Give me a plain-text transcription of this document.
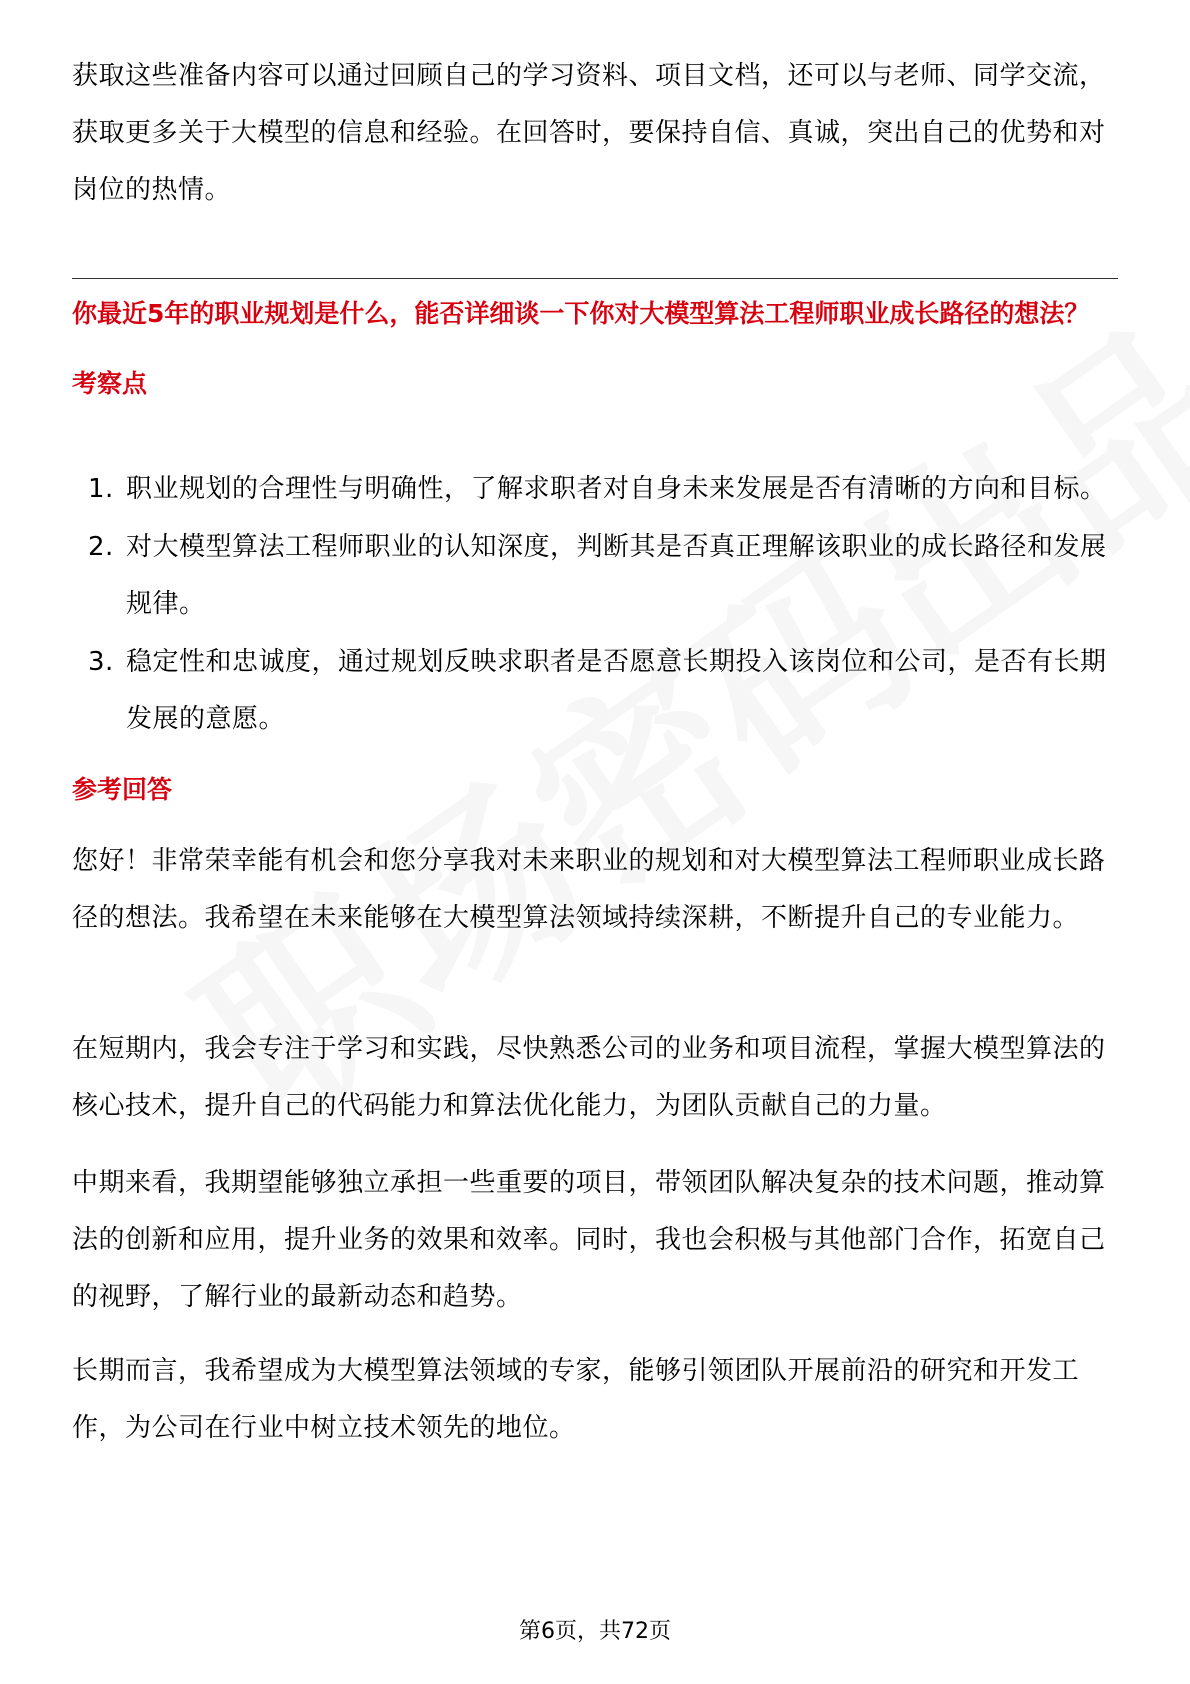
获取这些准备内容可以通过回顾自己的学习资料、项目文档，还可以与老师、同学交流，获取更多关于大模型的信息和经验。在回答时，要保持自信、真诚，突出自己的优势和对岗位的热情。

你最近5年的职业规划是什么，能否详细谈一下你对大模型算法工程师职业成长路径的想法？
考察点
1. 职业规划的合理性与明确性，了解求职者对自身未来发展是否有清晰的方向和目标。
2. 对大模型算法工程师职业的认知深度，判断其是否真正理解该职业的成长路径和发展规律。
3. 稳定性和忠诚度，通过规划反映求职者是否愿意长期投入该岗位和公司，是否有长期发展的意愿。
参考回答

您好！非常荣幸能有机会和您分享我对未来职业的规划和对大模型算法工程师职业成长路径的想法。我希望在未来能够在大模型算法领域持续深耕，不断提升自己的专业能力。

在短期内，我会专注于学习和实践，尽快熟悉公司的业务和项目流程，掌握大模型算法的核心技术，提升自己的代码能力和算法优化能力，为团队贡献自己的力量。

中期来看，我期望能够独立承担一些重要的项目，带领团队解决复杂的技术问题，推动算法的创新和应用，提升业务的效果和效率。同时，我也会积极与其他部门合作，拓宽自己的视野，了解行业的最新动态和趋势。

长期而言，我希望成为大模型算法领域的专家，能够引领团队开展前沿的研究和开发工作，为公司在行业中树立技术领先的地位。

第6页，共72页
